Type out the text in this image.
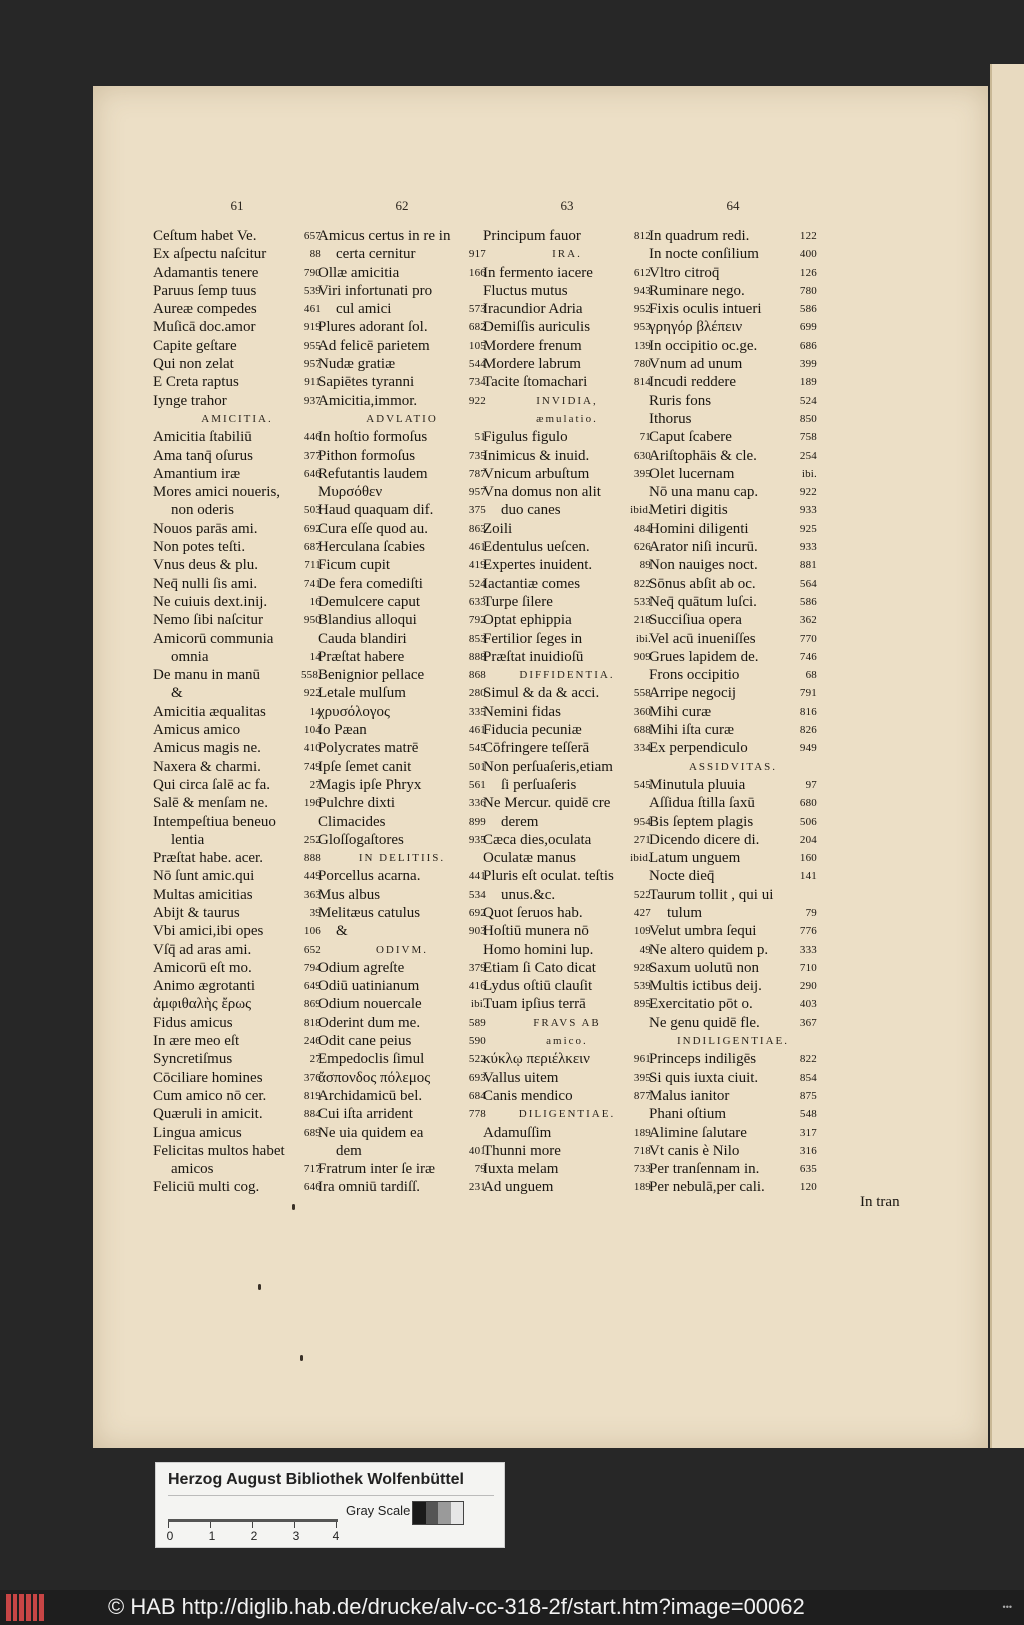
61
Ceſtum habet Ve.	657
Ex aſpectu naſcitur	88
Adamantis tenere	790
Paruus ſemp tuus	539
Aureæ compedes	461
Muſicā doc.amor	919
Capite geſtare	955
Qui non zelat	957
E Creta raptus	911
Iynge trahor	937
AMICITIA.
Amicitia ſtabiliū	446
Ama tanq̄ oſurus	377
Amantium iræ	646
Mores amici noueris,
non oderis	503
Nouos parās ami.	692
Non potes teſti.	687
Vnus deus & plu.	711
Neq̄ nulli ſis ami.	741
Ne cuiuis dext.inij.	16
Nemo ſibi naſcitur	950
Amicorū communia
omnia	14
De manu in manū	558.
&	922
Amicitia æqualitas	14
Amicus amico	104
Amicus magis ne.	410
Naxera & charmi.	749
Qui circa ſalē ac fa.	27
Salē & menſam ne.	196
Intempeſtiua beneuo
lentia	252
Præſtat habe. acer.	888
Nō ſunt amic.qui	449
Multas amicitias	363
Abijt & taurus	39
Vbi amici,ibi opes	106
Vſq̄ ad aras ami.	652
Amicorū eſt mo.	794
Animo ægrotanti	649
ἀμφιθαλὴς ἔρως	869
Fidus amicus	818
In ære meo eſt	246
Syncretiſmus	27
Cōciliare homines	376
Cum amico nō cer.	819
Quæruli in amicit.	884
Lingua amicus	689
Felicitas multos habet
amicos	717
Feliciū multi cog.	646
62
Amicus certus in re in
certa cernitur	917
Ollæ amicitia	166
Viri infortunati pro
cul amici	573
Plures adorant ſol.	682
Ad felicē parietem	105
Nudæ gratiæ	544
Sapiētes tyranni	734
Amicitia,immor.	922
ADVLATIO
In hoſtio formoſus	51
Pithon formoſus	735
Refutantis laudem	787
Μυρσόθεν	957
Haud quaquam dif.	375
Cura eſſe quod au.	863
Herculana ſcabies	461
Ficum cupit	419
De fera comediſti	524
Demulcere caput	633
Blandius alloqui	792
Cauda blandiri	853
Præſtat habere	888
Benignior pellace	868
Letale mulſum	280
χρυσόλογος	335
Io Pæan	461
Polycrates matrē	545
Ipſe ſemet canit	501
Magis ipſe Phryx	561
Pulchre dixti	336
Climacides	899
Gloſſogaſtores	935
IN DELITIIS.
Porcellus acarna.	441
Mus albus	534
Melitæus catulus	692
&	903
ODIVM.
Odium agreſte	379
Odiū uatinianum	416
Odium nouercale	ibi.
Oderint dum me.	589
Odit cane peius	590
Empedoclis ſimul	522
ἄσπονδος πόλεμος	693
Archidamicū bel.	684
Cui iſta arrident	778
Ne uia quidem ea
dem	401
Fratrum inter ſe iræ	79
Ira omniū tardiſſ.	231
63
Principum fauor	812
IRA.
In fermento iacere	612
Fluctus mutus	943
Iracundior Adria	952
Demiſſis auriculis	953
Mordere frenum	139
Mordere labrum	780
Tacite ſtomachari	814
INVIDIA,
æmulatio.
Figulus figulo	71
Inimicus & inuid.	630
Vnicum arbuſtum	395
Vna domus non alit
duo canes	ibid.
Zoili	484
Edentulus ueſcen.	626
Expertes inuident.	89
Iactantiæ comes	822
Turpe ſilere	533
Optat ephippia	218
Fertilior ſeges in	ibi.
Præſtat inuidioſū	909
DIFFIDENTIA.
Simul & da & acci.	558
Nemini fidas	360
Fiducia pecuniæ	688
Cōfringere teſſerā	334
Non perſuaſeris,etiam
ſi perſuaſeris	545
Ne Mercur. quidē cre
derem	954
Cæca dies,oculata	271
Oculatæ manus	ibid.
Pluris eſt oculat. teſtis
unus.&c.	522
Quot ſeruos hab.	427
Hoſtiū munera nō	109
Homo homini lup.	49
Etiam ſi Cato dicat	928
Lydus oſtiū clauſit	539
Tuam ipſius terrā	895
FRAVS AB
amico.
κύκλῳ περιέλκειν	961
Vallus uitem	395
Canis mendico	877
DILIGENTIAE.
Adamuſſim	189
Thunni more	718
Iuxta melam	733
Ad unguem	189
64
In quadrum redi.	122
In nocte conſilium	400
Vltro citroq̄	126
Ruminare nego.	780
Fixis oculis intueri	586
γρηγόρ βλέπειν	699
In occipitio oc.ge.	686
Vnum ad unum	399
Incudi reddere	189
Ruris fons	524
Ithorus	850
Caput ſcabere	758
Ariſtophāis & cle.	254
Olet lucernam	ibi.
Nō una manu cap.	922
Metiri digitis	933
Homini diligenti	925
Arator niſi incurū.	933
Non nauiges noct.	881
Sōnus abſit ab oc.	564
Neq̄ quātum luſci.	586
Succiſiua opera	362
Vel acū inueniſſes	770
Grues lapidem de.	746
Frons occipitio	68
Arripe negocij	791
Mihi curæ	816
Mihi iſta curæ	826
Ex perpendiculo	949
ASSIDVITAS.
Minutula pluuia	97
Aſſidua ſtilla ſaxū	680
Bis ſeptem plagis	506
Dicendo dicere di.	204
Latum unguem	160
Nocte dieq̄	141
Taurum tollit , qui ui
tulum	79
Velut umbra ſequi	776
Ne altero quidem p.	333
Saxum uolutū non	710
Multis ictibus deij.	290
Exercitatio pōt o.	403
Ne genu quidē fle.	367
INDILIGENTIAE.
Princeps indiligēs	822
Si quis iuxta ciuit.	854
Malus ianitor	875
Phani oſtium	548
Alimine ſalutare	317
Vt canis è Nilo	316
Per tranſennam in.	635
Per nebulā,per cali.	120
In tran
Herzog August Bibliothek Wolfenbüttel
Gray Scale
0	1	2	3	4
© HAB http://diglib.hab.de/drucke/alv-cc-318-2f/start.htm?image=00062	•••
